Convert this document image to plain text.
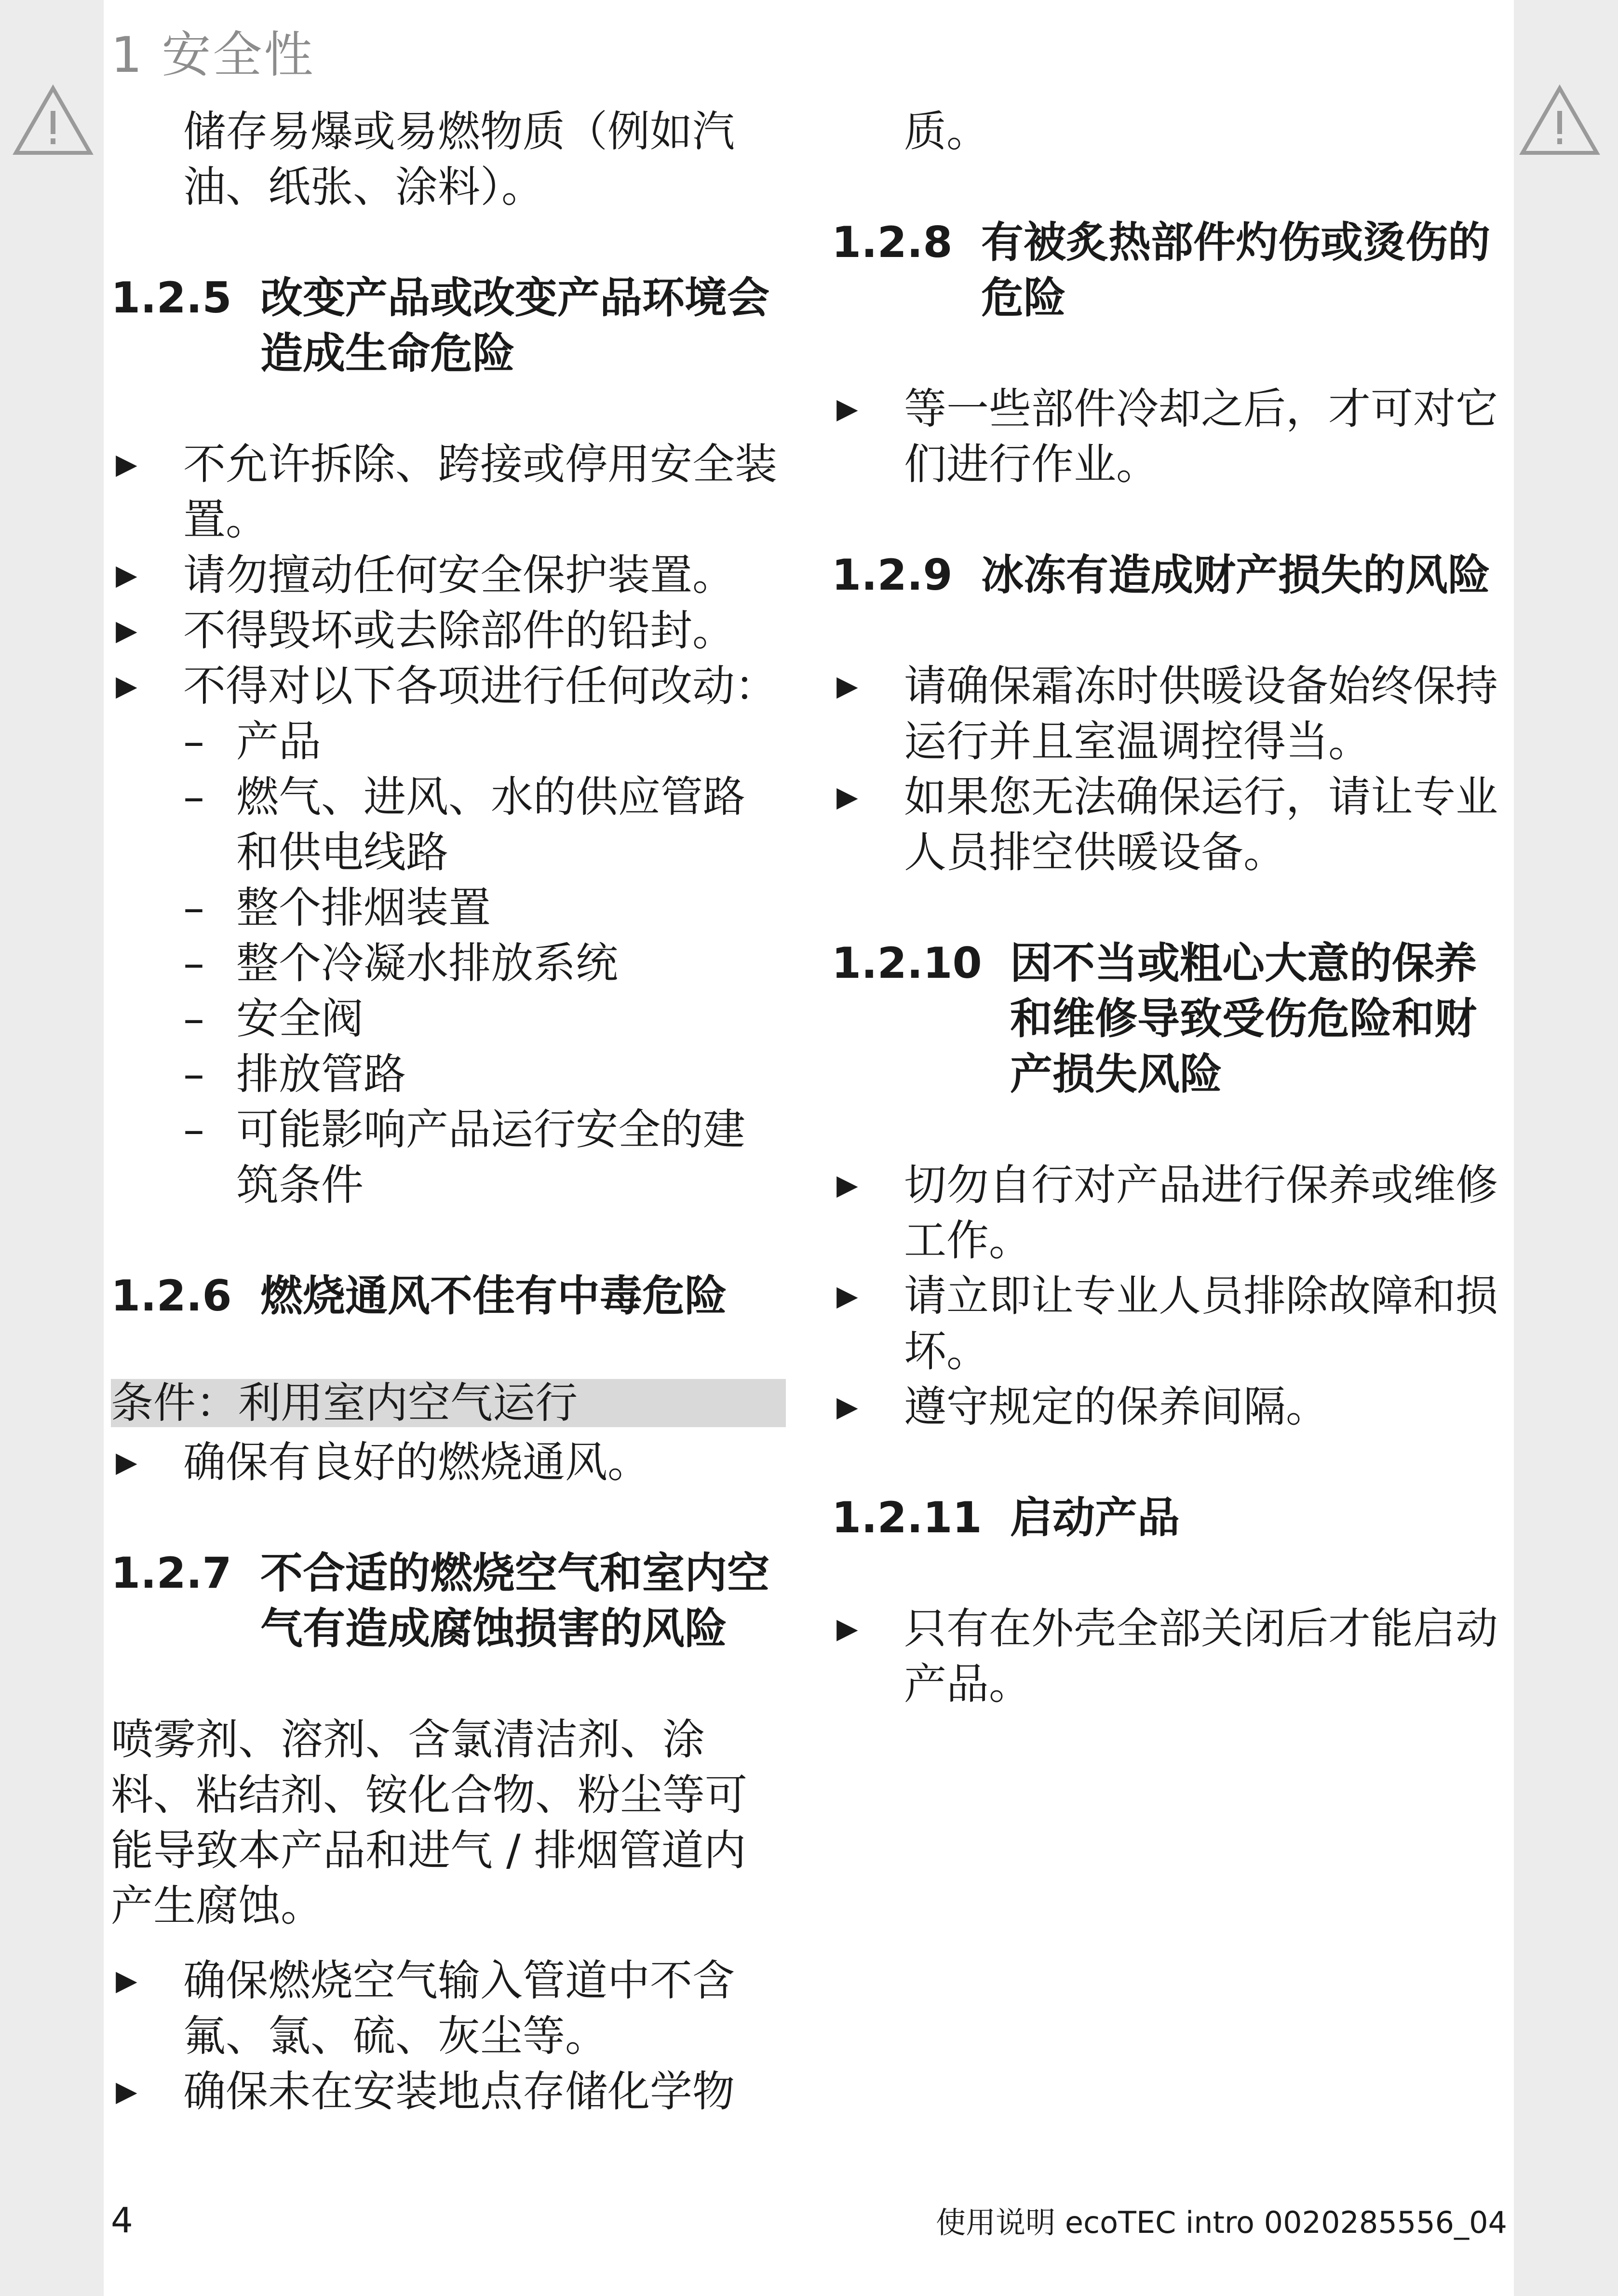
1 安全性

储存易爆或易燃物质（例如汽油、纸张、涂料）。

1.2.5 改变产品或改变产品环境会造成生命危险
▶	不允许拆除、跨接或停用安全装置。
▶	请勿擅动任何安全保护装置。
▶	不得毁坏或去除部件的铅封。
▶	不得对以下各项进行任何改动：
– 产品
– 燃气、进风、水的供应管路和供电线路
– 整个排烟装置
– 整个冷凝水排放系统
– 安全阀
– 排放管路
– 可能影响产品运行安全的建筑条件
1.2.6 燃烧通风不佳有中毒危险
条件：利用室内空气运行
▶	确保有良好的燃烧通风。
1.2.7 不合适的燃烧空气和室内空气有造成腐蚀损害的风险

喷雾剂、溶剂、含氯清洁剂、涂料、粘结剂、铵化合物、粉尘等可能导致本产品和进气 / 排烟管道内产生腐蚀。

▶	确保燃烧空气输入管道中不含氟、氯、硫、灰尘等。
▶	确保未在安装地点存储化学物

质。

1.2.8 有被炙热部件灼伤或烫伤的危险
▶	等一些部件冷却之后，才可对它们进行作业。
1.2.9 冰冻有造成财产损失的风险
▶	请确保霜冻时供暖设备始终保持运行并且室温调控得当。
▶	如果您无法确保运行，请让专业人员排空供暖设备。
1.2.10 因不当或粗心大意的保养和维修导致受伤危险和财产损失风险
▶	切勿自行对产品进行保养或维修工作。
▶	请立即让专业人员排除故障和损坏。
▶	遵守规定的保养间隔。
1.2.11 启动产品
▶	只有在外壳全部关闭后才能启动产品。
4	使用说明 ecoTEC intro 0020285556_04
